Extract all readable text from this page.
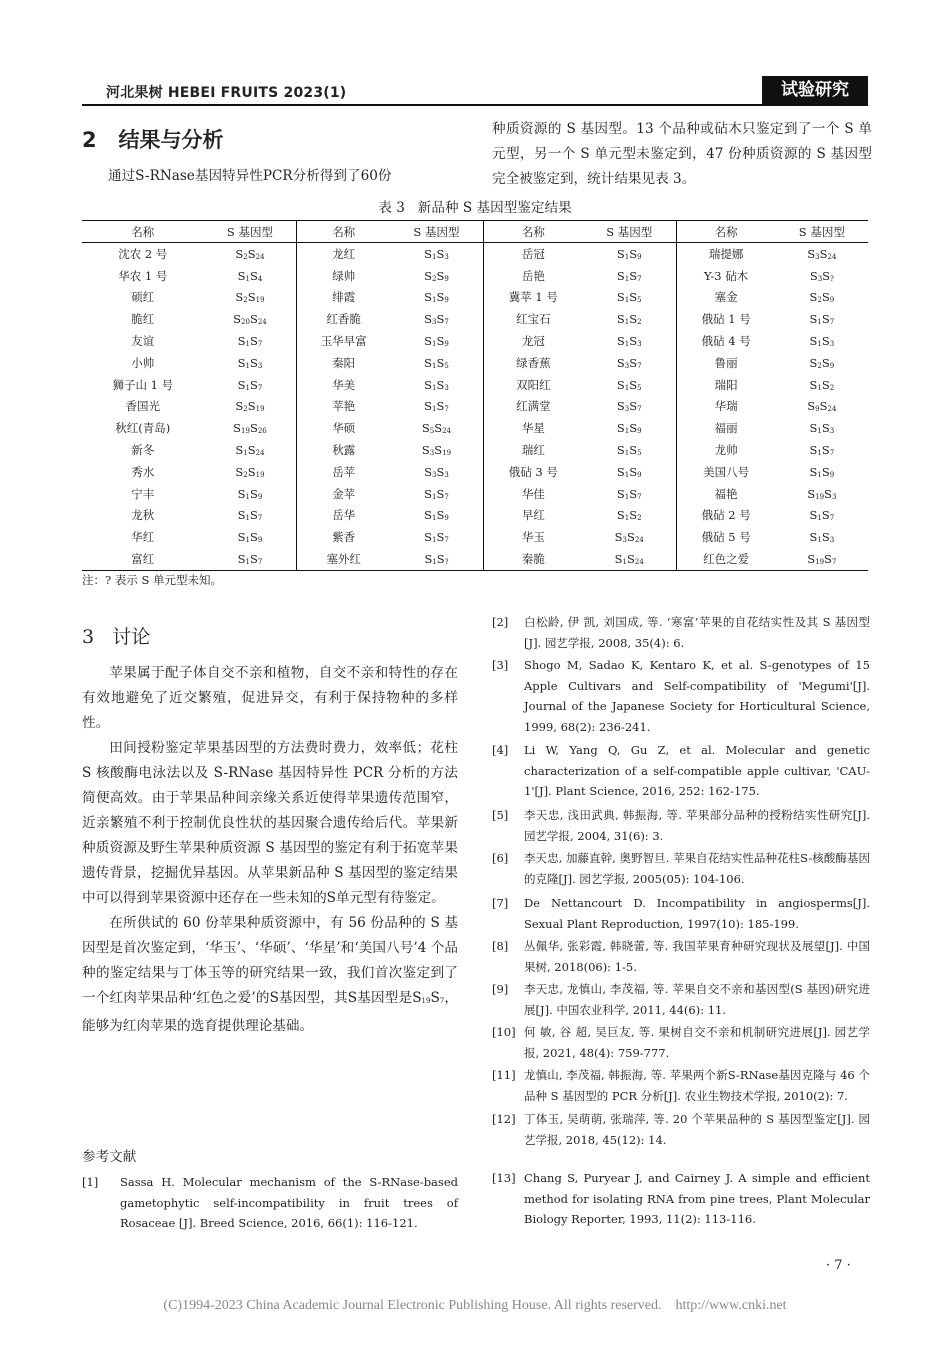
河北果树 HEBEI FRUITS 2023(1)	试验研究
2   结果与分析
通过S-RNase基因特异性PCR分析得到了60份
种质资源的 S 基因型。13 个品种或砧木只鉴定到了一个 S 单元型，另一个 S 单元型未鉴定到，47 份种质资源的 S 基因型完全被鉴定到，统计结果见表 3。
表 3   新品种 S 基因型鉴定结果
名称	S 基因型	名称	S 基因型	名称	S 基因型	名称	S 基因型
沈农 2 号	S2S24	龙红	S1S3	岳冠	S1S9	瑞提娜	S3S24
华农 1 号	S1S4	绿帅	S2S9	岳艳	S1S7	Y-3 砧木	S3S?
硕红	S2S19	绯霞	S1S9	冀苹 1 号	S1S5	塞金	S2S9
脆红	S20S24	红香脆	S3S7	红宝石	S1S2	俄砧 1 号	S1S7
友谊	S1S7	玉华早富	S1S9	龙冠	S1S3	俄砧 4 号	S1S3
小帅	S1S3	秦阳	S1S5	绿香蕉	S3S7	鲁丽	S2S9
狮子山 1 号	S1S7	华美	S1S3	双阳红	S1S5	瑞阳	S1S2
香国光	S2S19	苹艳	S1S7	红满堂	S3S7	华瑞	S9S24
秋红(青岛)	S19S26	华硕	S5S24	华星	S1S9	福丽	S1S3
新冬	S1S24	秋露	S3S19	瑞红	S1S5	龙帅	S1S7
秀水	S2S19	岳苹	S3S3	俄砧 3 号	S1S9	美国八号	S1S9
宁丰	S1S9	金苹	S1S7	华佳	S1S7	福艳	S19S3
龙秋	S1S7	岳华	S1S9	早红	S1S2	俄砧 2 号	S1S7
华红	S1S9	紫香	S1S7	华玉	S3S24	俄砧 5 号	S1S3
富红	S1S7	塞外红	S1S?	秦脆	S1S24	红色之爱	S19S7
注：? 表示 S 单元型未知。
3   讨论

苹果属于配子体自交不亲和植物，自交不亲和特性的存在有效地避免了近交繁殖，促进异交，有利于保持物种的多样性。

田间授粉鉴定苹果基因型的方法费时费力，效率低；花柱 S 核酸酶电泳法以及 S-RNase 基因特异性 PCR 分析的方法简便高效。由于苹果品种间亲缘关系近使得苹果遗传范围窄，近亲繁殖不利于控制优良性状的基因聚合遗传给后代。苹果新种质资源及野生苹果种质资源 S 基因型的鉴定有利于拓宽苹果遗传背景，挖掘优异基因。从苹果新品种 S 基因型的鉴定结果中可以得到苹果资源中还存在一些未知的S单元型有待鉴定。

在所供试的 60 份苹果种质资源中，有 56 份品种的 S 基因型是首次鉴定到，‘华玉’、‘华硕’、‘华星’和‘美国八号’4 个品种的鉴定结果与丁体玉等的研究结果一致，我们首次鉴定到了一个红肉苹果品种‘红色之爱’的S基因型，其S基因型是S19S7，能够为红肉苹果的选育提供理论基础。

参考文献
· 7 ·
(C)1994-2023 China Academic Journal Electronic Publishing House. All rights reserved.    http://www.cnki.net
[1] Sassa H. Molecular mechanism of the S-RNase-based gametophytic self-incompatibility in fruit trees of Rosaceae [J]. Breed Science, 2016, 66(1): 116-121.
[2] 白松龄, 伊 凯, 刘国成, 等. ‘寒富’苹果的自花结实性及其 S 基因型[J]. 园艺学报, 2008, 35(4): 6.
[3] Shogo M, Sadao K, Kentaro K, et al. S-genotypes of 15 Apple Cultivars and Self-compatibility of 'Megumi'[J]. Journal of the Japanese Society for Horticultural Science, 1999, 68(2): 236-241.
[4] Li W, Yang Q, Gu Z, et al. Molecular and genetic characterization of a self-compatible apple cultivar, 'CAU-1'[J]. Plant Science, 2016, 252: 162-175.
[5] 李天忠, 浅田武典, 韩振海, 等. 苹果部分品种的授粉结实性研究[J]. 园艺学报, 2004, 31(6): 3.
[6] 李天忠, 加藤直幹, 奥野智旦. 苹果自花结实性品种花柱S-核酸酶基因的克隆[J]. 园艺学报, 2005(05): 104-106.
[7] De Nettancourt D. Incompatibility in angiosperms[J]. Sexual Plant Reproduction, 1997(10): 185-199.
[8] 丛佩华, 张彩霞, 韩晓蕾, 等. 我国苹果育种研究现状及展望[J]. 中国果树, 2018(06): 1-5.
[9] 李天忠, 龙慎山, 李茂福, 等. 苹果自交不亲和基因型(S 基因)研究进展[J]. 中国农业科学, 2011, 44(6): 11.
[10] 何 敏, 谷 超, 吴巨友, 等. 果树自交不亲和机制研究进展[J]. 园艺学报, 2021, 48(4): 759-777.
[11] 龙慎山, 李茂福, 韩振海, 等. 苹果两个新S-RNase基因克隆与 46 个品种 S 基因型的 PCR 分析[J]. 农业生物技术学报, 2010(2): 7.
[12] 丁体玉, 吴萌萌, 张瑞萍, 等. 20 个苹果品种的 S 基因型鉴定[J]. 园艺学报, 2018, 45(12): 14.
[13] Chang S, Puryear J, and Cairney J. A simple and efficient method for isolating RNA from pine trees, Plant Molecular Biology Reporter, 1993, 11(2): 113-116.
